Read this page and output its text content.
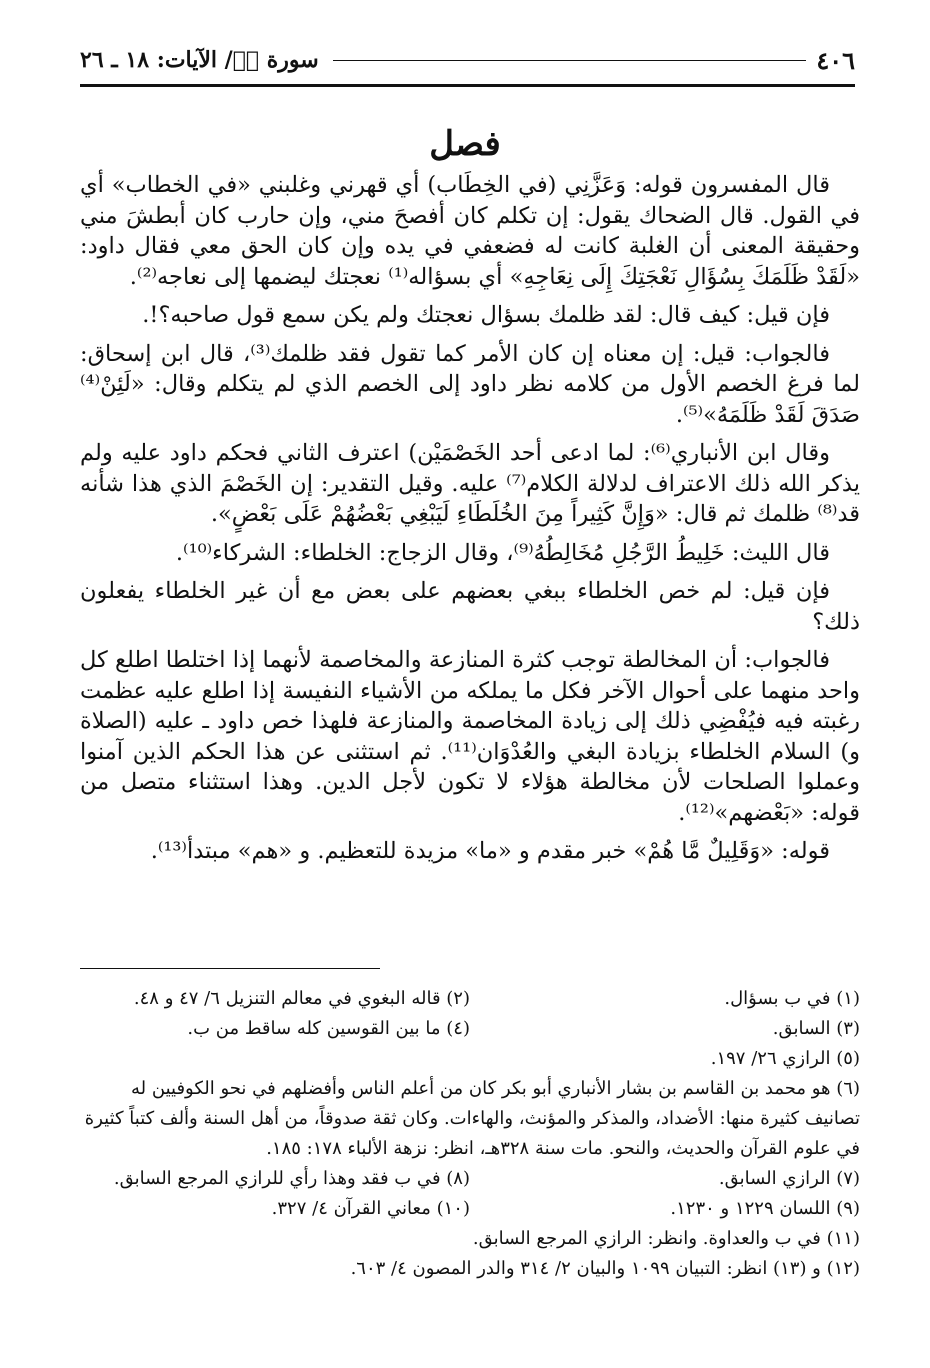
٤٠٦
سورة صۤ/ الآيات: ١٨ ـ ٢٦
فصل

قال المفسرون قوله: وَعَزَّنِي (في الخِطَاب) أي قهرني وغلبني «في الخطاب» أي في القول. قال الضحاك يقول: إن تكلم كان أفصحَ مني، وإن حارب كان أبطشَ مني وحقيقة المعنى أن الغلبة كانت له فضعفي في يده وإن كان الحق معي فقال داود: «لَقَدْ ظَلَمَكَ بِسُؤَالِ نَعْجَتِكَ إِلَى نِعَاجِهِ» أي بسؤاله⁽¹⁾ نعجتك ليضمها إلى نعاجه⁽²⁾.

فإن قيل: كيف قال: لقد ظلمك بسؤال نعجتك ولم يكن سمع قول صاحبه؟!.

فالجواب: قيل: إن معناه إن كان الأمر كما تقول فقد ظلمك⁽³⁾، قال ابن إسحاق: لما فرغ الخصم الأول من كلامه نظر داود إلى الخصم الذي لم يتكلم وقال: «لَئِنْ⁽⁴⁾ صَدَقَ لَقَدْ ظَلَمَهُ»⁽⁵⁾.

وقال ابن الأنباري⁽⁶⁾: لما ادعى أحد الخَصْمَيْن) اعترف الثاني فحكم داود عليه ولم يذكر الله ذلك الاعتراف لدلالة الكلام⁽⁷⁾ عليه. وقيل التقدير: إن الخَصْمَ الذي هذا شأنه قد⁽⁸⁾ ظلمك ثم قال: «وَإِنَّ كَثِيراً مِنَ الخُلَطَاءِ لَيَبْغِي بَعْضُهُمْ عَلَى بَعْضٍ».

قال الليث: خَلِيطُ الرَّجُلِ مُخَالِطُهُ⁽⁹⁾، وقال الزجاج: الخلطاء: الشركاء⁽¹⁰⁾.

فإن قيل: لم خص الخلطاء ببغي بعضهم على بعض مع أن غير الخلطاء يفعلون ذلك؟

فالجواب: أن المخالطة توجب كثرة المنازعة والمخاصمة لأنهما إذا اختلطا اطلع كل واحد منهما على أحوال الآخر فكل ما يملكه من الأشياء النفيسة إذا اطلع عليه عظمت رغبته فيه فيُفْضِي ذلك إلى زيادة المخاصمة والمنازعة فلهذا خص داود ـ عليه (الصلاة و) السلام الخلطاء بزيادة البغي والعُدْوَان⁽¹¹⁾. ثم استثنى عن هذا الحكم الذين آمنوا وعملوا الصلحات لأن مخالطة هؤلاء لا تكون لأجل الدين. وهذا استثناء متصل من قوله: «بَعْضهم»⁽¹²⁾.

قوله: «وَقَلِيلٌ مَّا هُمْ» خبر مقدم و «ما» مزيدة للتعظيم. و «هم» مبتدأ⁽¹³⁾.

(١) في ب بسؤال.
(٢) قاله البغوي في معالم التنزيل ٦/ ٤٧ و ٤٨.
(٣) السابق.
(٤) ما بين القوسين كله ساقط من ب.
(٥) الرازي ٢٦/ ١٩٧.
(٦) هو محمد بن القاسم بن بشار الأنباري أبو بكر كان من أعلم الناس وأفضلهم في نحو الكوفيين له تصانيف كثيرة منها: الأضداد، والمذكر والمؤنث، والهاءات. وكان ثقة صدوقاً، من أهل السنة وألف كتباً كثيرة في علوم القرآن والحديث، والنحو. مات سنة ٣٢٨هـ، انظر: نزهة الألباء ١٧٨: ١٨٥.
(٧) الرازي السابق.
(٨) في ب فقد وهذا رأي للرازي المرجع السابق.
(٩) اللسان ١٢٢٩ و ١٢٣٠.
(١٠) معاني القرآن ٤/ ٣٢٧.
(١١) في ب والعداوة. وانظر: الرازي المرجع السابق.
(١٢) و (١٣) انظر: التبيان ١٠٩٩ والبيان ٢/ ٣١٤ والدر المصون ٤/ ٦٠٣.
